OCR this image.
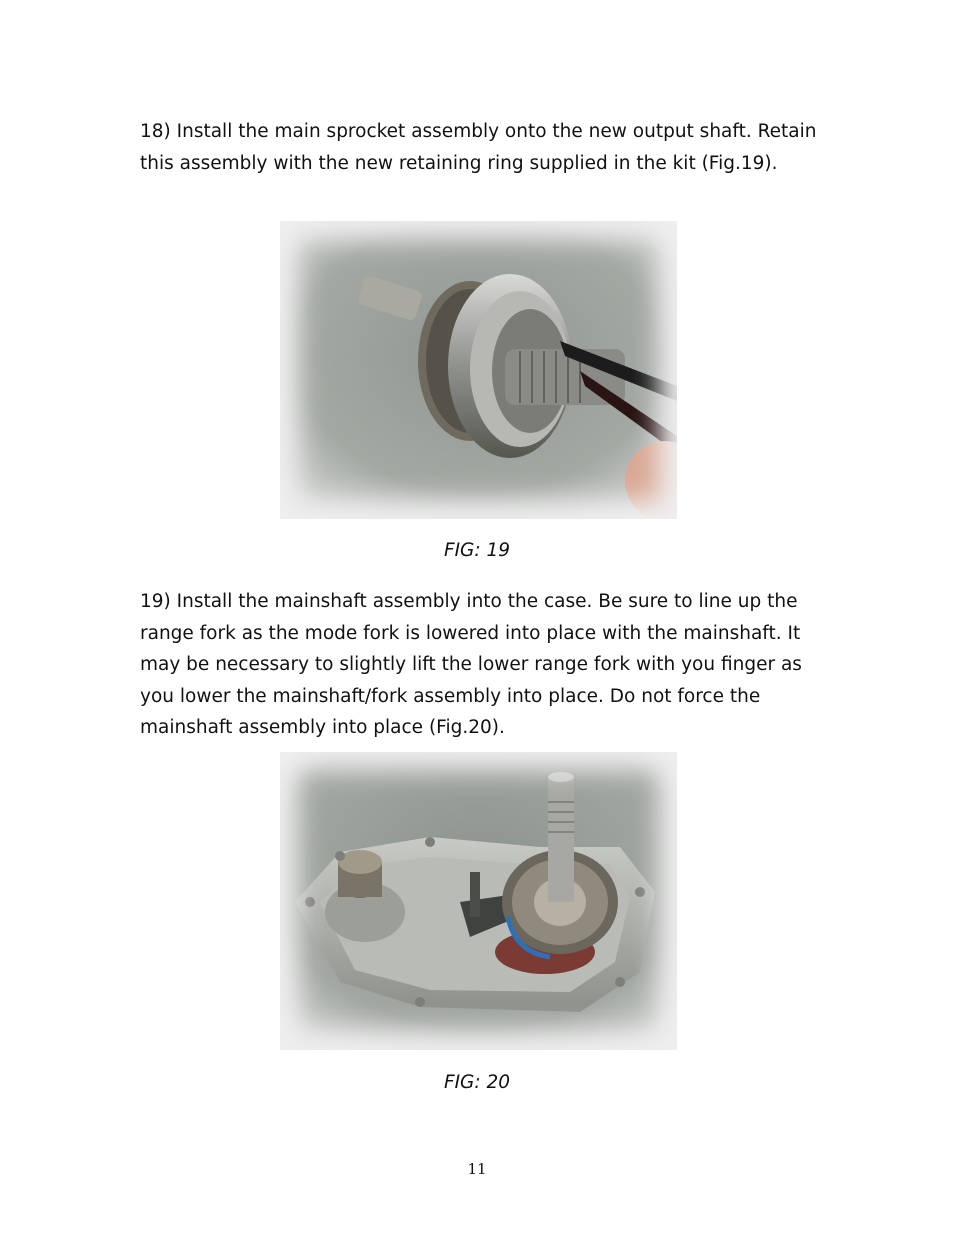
18) Install the main sprocket assembly onto the new output shaft. Retain this assembly with the new retaining ring supplied in the kit (Fig.19).

FIG: 19

19) Install the mainshaft assembly into the case. Be sure to line up the range fork as the mode fork is lowered into place with the mainshaft. It may be necessary to slightly lift the lower range fork with you finger as you lower the mainshaft/fork assembly into place. Do not force the mainshaft assembly into place (Fig.20).

FIG: 20

11
